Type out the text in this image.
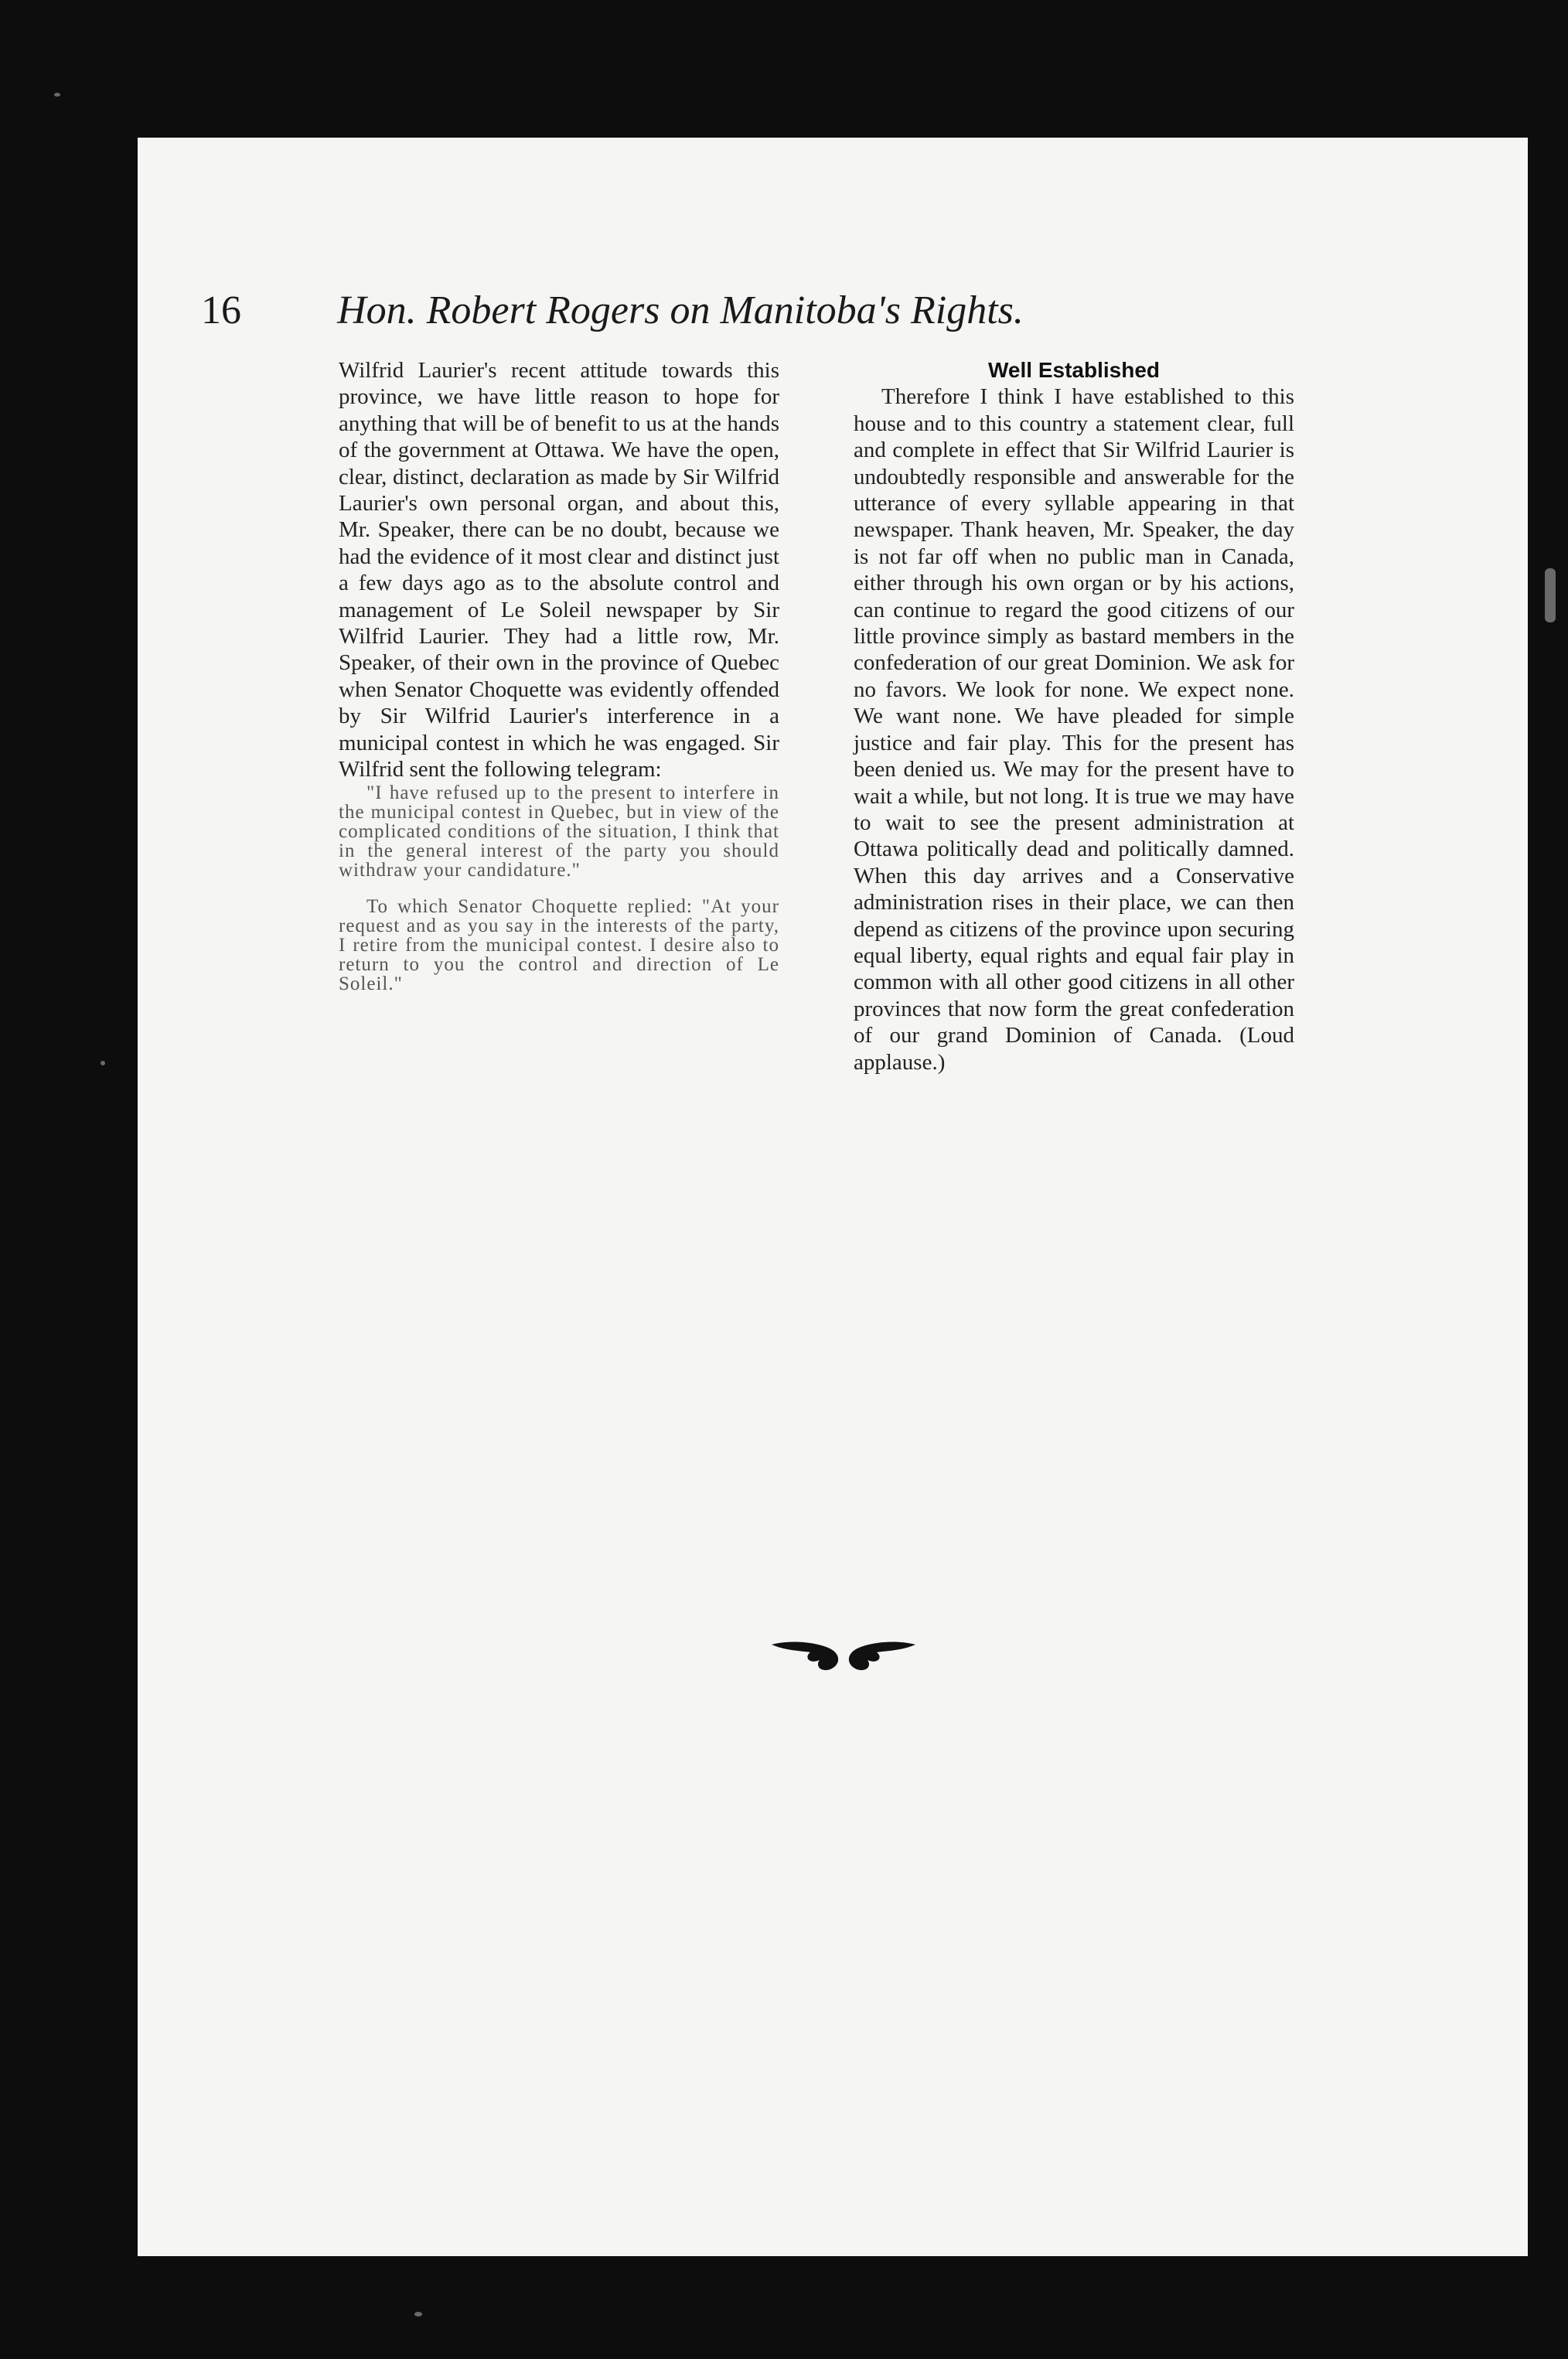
16	Hon. Robert Rogers on Manitoba's Rights.

Wilfrid Laurier's recent attitude towards this province, we have little reason to hope for anything that will be of benefit to us at the hands of the government at Ottawa. We have the open, clear, distinct, declaration as made by Sir Wilfrid Laurier's own personal organ, and about this, Mr. Speaker, there can be no doubt, because we had the evidence of it most clear and distinct just a few days ago as to the absolute control and management of Le Soleil newspaper by Sir Wilfrid Laurier. They had a little row, Mr. Speaker, of their own in the province of Quebec when Senator Choquette was evidently offended by Sir Wilfrid Laurier's interference in a municipal contest in which he was engaged. Sir Wilfrid sent the following telegram:

"I have refused up to the present to interfere in the municipal contest in Quebec, but in view of the complicated conditions of the situation, I think that in the general interest of the party you should withdraw your candidature."

To which Senator Choquette replied: "At your request and as you say in the interests of the party, I retire from the municipal contest. I desire also to return to you the control and direction of Le Soleil."

Well Established

Therefore I think I have established to this house and to this country a statement clear, full and complete in effect that Sir Wilfrid Laurier is undoubtedly responsible and answerable for the utterance of every syllable appearing in that newspaper. Thank heaven, Mr. Speaker, the day is not far off when no public man in Canada, either through his own organ or by his actions, can continue to regard the good citizens of our little province simply as bastard members in the confederation of our great Dominion. We ask for no favors. We look for none. We expect none. We want none. We have pleaded for simple justice and fair play. This for the present has been denied us. We may for the present have to wait a while, but not long. It is true we may have to wait to see the present administration at Ottawa politically dead and politically damned. When this day arrives and a Conservative administration rises in their place, we can then depend as citizens of the province upon securing equal liberty, equal rights and equal fair play in common with all other good citizens in all other provinces that now form the great confederation of our grand Dominion of Canada. (Loud applause.)
